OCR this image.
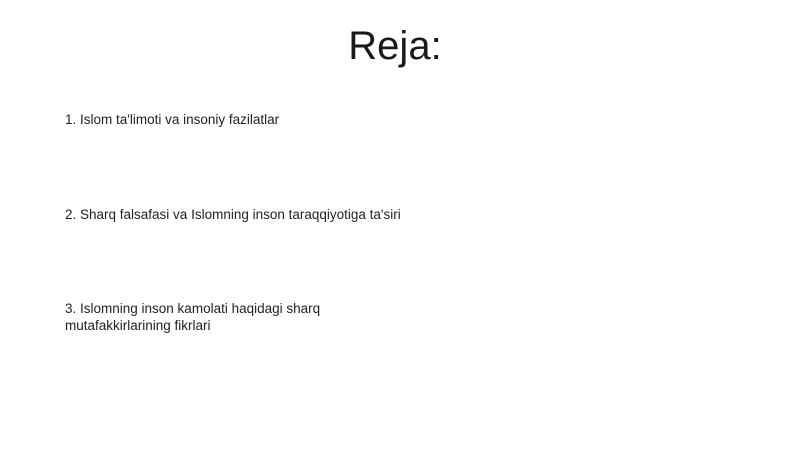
Reja:
1. Islom ta'limoti va insoniy fazilatlar
2. Sharq falsafasi va Islomning inson taraqqiyotiga ta'siri
3. Islomning inson kamolati haqidagi sharq mutafakkirlarining fikrlari
